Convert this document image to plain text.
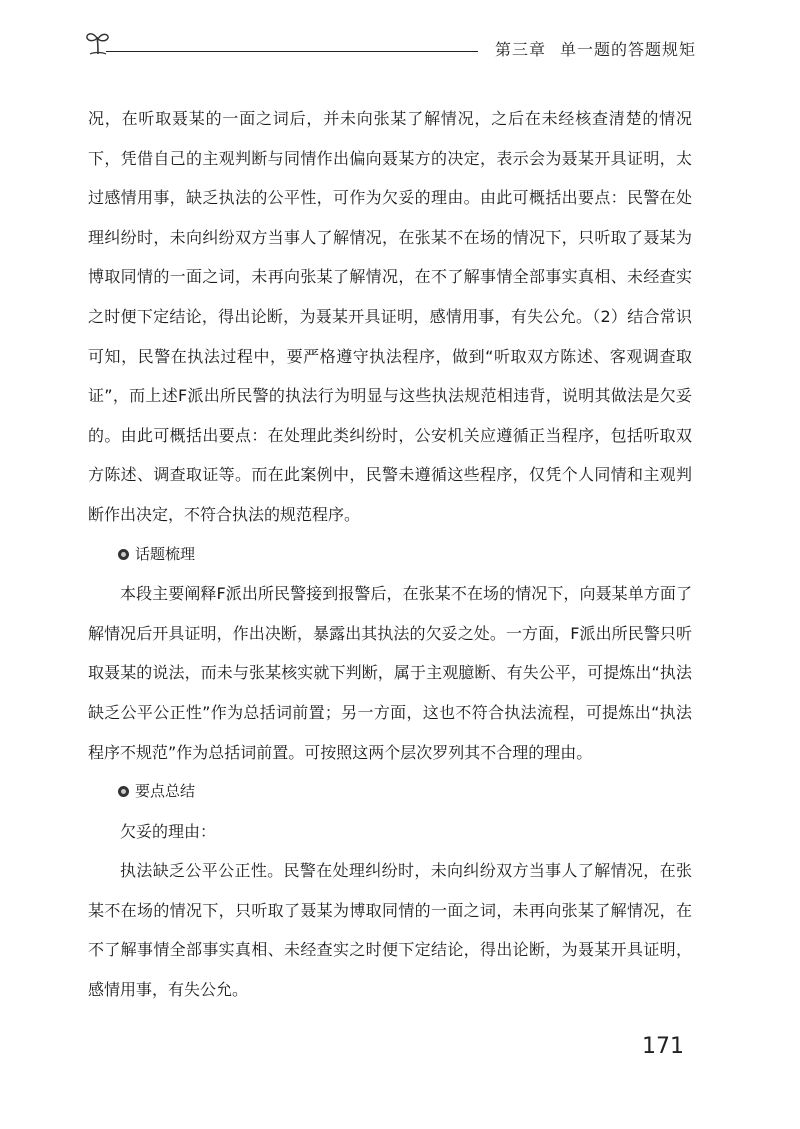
第三章 单一题的答题规矩

况，在听取聂某的一面之词后，并未向张某了解情况，之后在未经核查清楚的情况下，凭借自己的主观判断与同情作出偏向聂某方的决定，表示会为聂某开具证明，太过感情用事，缺乏执法的公平性，可作为欠妥的理由。由此可概括出要点：民警在处理纠纷时，未向纠纷双方当事人了解情况，在张某不在场的情况下，只听取了聂某为博取同情的一面之词，未再向张某了解情况，在不了解事情全部事实真相、未经查实之时便下定结论，得出论断，为聂某开具证明，感情用事，有失公允。（2）结合常识可知，民警在执法过程中，要严格遵守执法程序，做到“听取双方陈述、客观调查取证”，而上述F派出所民警的执法行为明显与这些执法规范相违背，说明其做法是欠妥的。由此可概括出要点：在处理此类纠纷时，公安机关应遵循正当程序，包括听取双方陈述、调查取证等。而在此案例中，民警未遵循这些程序，仅凭个人同情和主观判断作出决定，不符合执法的规范程序。

话题梳理

本段主要阐释F派出所民警接到报警后，在张某不在场的情况下，向聂某单方面了解情况后开具证明，作出决断，暴露出其执法的欠妥之处。一方面，F派出所民警只听取聂某的说法，而未与张某核实就下判断，属于主观臆断、有失公平，可提炼出“执法缺乏公平公正性”作为总括词前置；另一方面，这也不符合执法流程，可提炼出“执法程序不规范”作为总括词前置。可按照这两个层次罗列其不合理的理由。

要点总结

欠妥的理由：

执法缺乏公平公正性。民警在处理纠纷时，未向纠纷双方当事人了解情况，在张某不在场的情况下，只听取了聂某为博取同情的一面之词，未再向张某了解情况，在不了解事情全部事实真相、未经查实之时便下定结论，得出论断，为聂某开具证明，感情用事，有失公允。

171
